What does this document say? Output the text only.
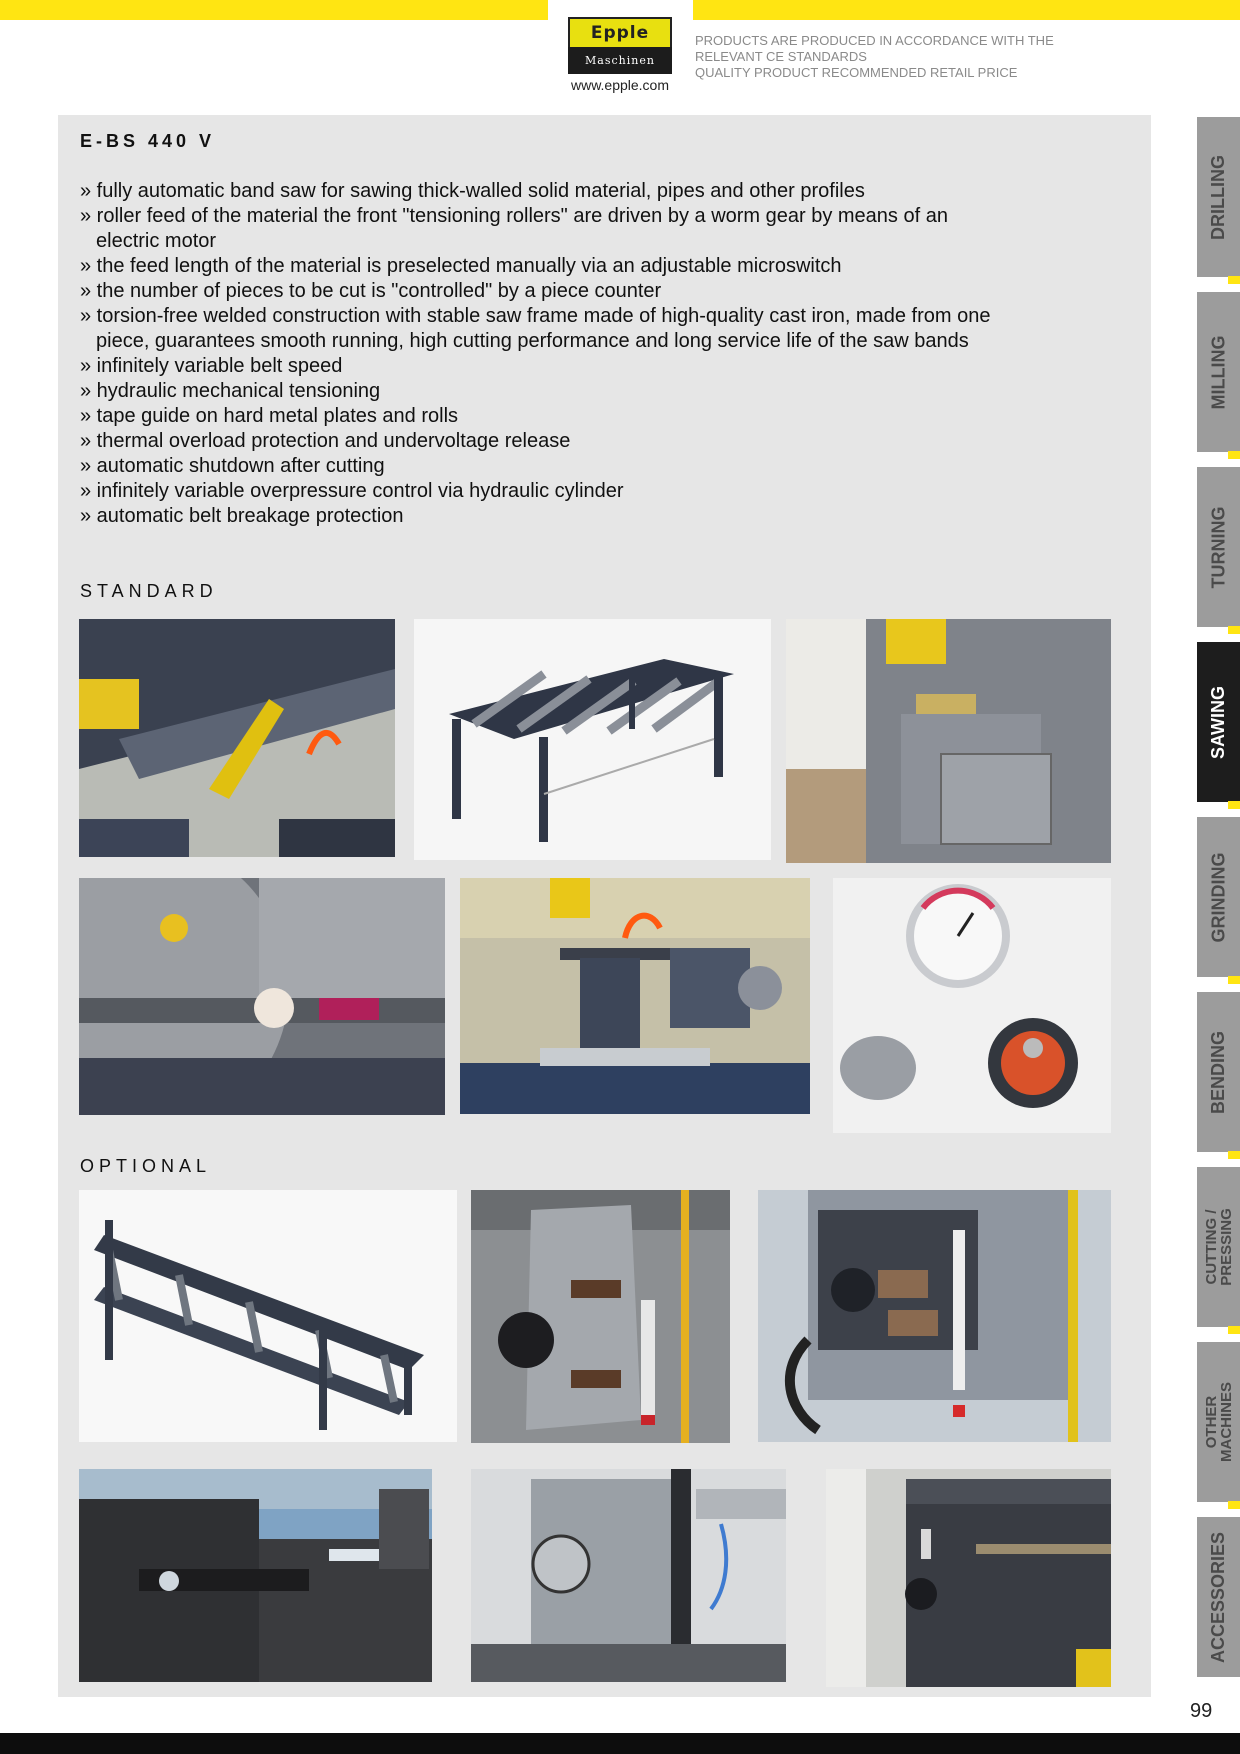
Epple
Maschinen
www.epple.com
PRODUCTS ARE PRODUCED IN ACCORDANCE WITH THE
RELEVANT CE STANDARDS
QUALITY PRODUCT RECOMMENDED RETAIL PRICE
E-BS 440 V
» fully automatic band saw for sawing thick-walled solid material, pipes and other profiles
» roller feed of the material the front "tensioning rollers" are driven by a worm gear by means of an electric motor
» the feed length of the material is preselected manually via an adjustable microswitch
» the number of pieces to be cut is "controlled" by a piece counter
» torsion-free welded construction with stable saw frame made of high-quality cast iron, made from one piece, guarantees smooth running, high cutting performance and long service life of the saw bands
» infinitely variable belt speed
» hydraulic mechanical tensioning
» tape guide on hard metal plates and rolls
» thermal overload protection and undervoltage release
» automatic shutdown after cutting
» infinitely variable overpressure control via hydraulic cylinder
» automatic belt breakage protection
STANDARD
OPTIONAL
DRILLING
MILLING
TURNING
SAWING
GRINDING
BENDING
CUTTING / PRESSING
OTHER MACHINES
ACCESSORIES
99
